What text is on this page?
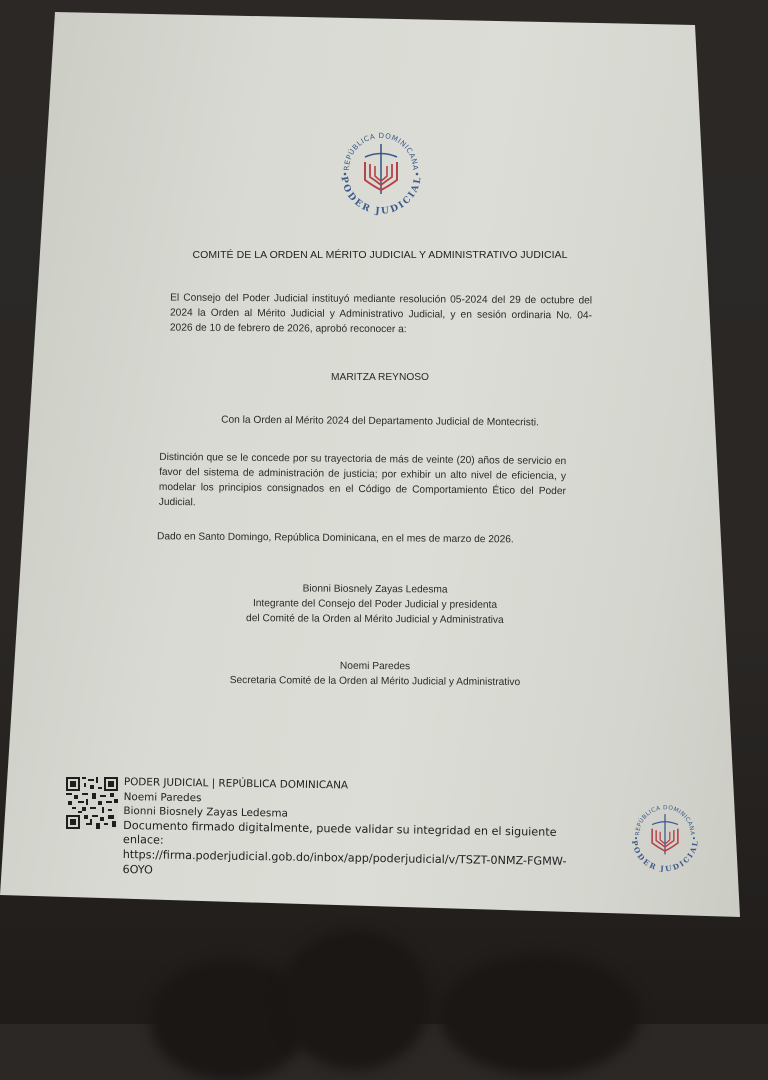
REPÚBLICA DOMINICANA
PODER JUDICIAL
COMITÉ DE LA ORDEN AL MÉRITO JUDICIAL Y ADMINISTRATIVO JUDICIAL
El Consejo del Poder Judicial instituyó mediante resolución 05-2024 del 29 de octubre del
2024 la Orden al Mérito Judicial y Administrativo Judicial, y en sesión ordinaria No. 04-
2026 de 10 de febrero de 2026, aprobó reconocer a:
MARITZA REYNOSO
Con la Orden al Mérito 2024 del Departamento Judicial de Montecristi.
Distinción que se le concede por su trayectoria de más de veinte (20) años de servicio en
favor del sistema de administración de justicia; por exhibir un alto nivel de eficiencia, y
modelar los principios consignados en el Código de Comportamiento Ético del Poder
Judicial.
Dado en Santo Domingo, República Dominicana, en el mes de marzo de 2026.
Bionni Biosnely Zayas Ledesma
Integrante del Consejo del Poder Judicial y presidenta
del Comité de la Orden al Mérito Judicial y Administrativa
Noemi Paredes
Secretaria Comité de la Orden al Mérito Judicial y Administrativo
PODER JUDICIAL | REPÚBLICA DOMINICANA
Noemi Paredes
Bionni Biosnely Zayas Ledesma
Documento firmado digitalmente, puede validar su integridad en el siguiente enlace:
https://firma.poderjudicial.gob.do/inbox/app/poderjudicial/v/TSZT-0NMZ-FGMW-6OYO
REPÚBLICA DOMINICANA
PODER JUDICIAL
